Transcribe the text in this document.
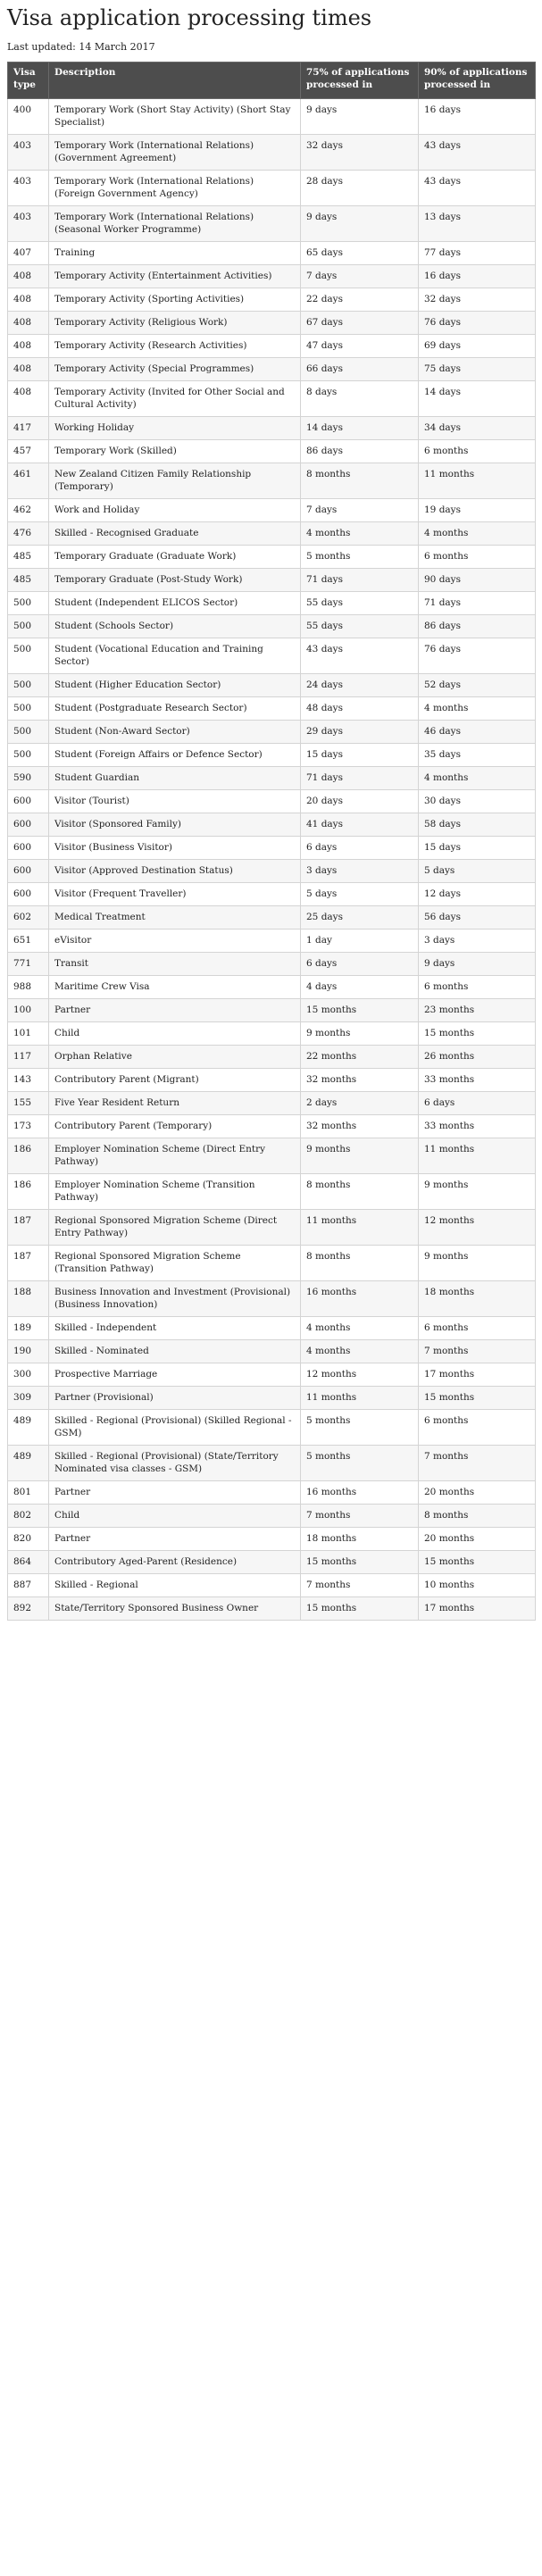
Visa application processing times

Last updated: 14 March 2017

Visa type	Description	75% of applications processed in	90% of applications processed in
400	Temporary Work (Short Stay Activity) (Short Stay Specialist)	9 days	16 days
403	Temporary Work (International Relations) (Government Agreement)	32 days	43 days
403	Temporary Work (International Relations) (Foreign Government Agency)	28 days	43 days
403	Temporary Work (International Relations) (Seasonal Worker Programme)	9 days	13 days
407	Training	65 days	77 days
408	Temporary Activity (Entertainment Activities)	7 days	16 days
408	Temporary Activity (Sporting Activities)	22 days	32 days
408	Temporary Activity (Religious Work)	67 days	76 days
408	Temporary Activity (Research Activities)	47 days	69 days
408	Temporary Activity (Special Programmes)	66 days	75 days
408	Temporary Activity (Invited for Other Social and Cultural Activity)	8 days	14 days
417	Working Holiday	14 days	34 days
457	Temporary Work (Skilled)	86 days	6 months
461	New Zealand Citizen Family Relationship (Temporary)	8 months	11 months
462	Work and Holiday	7 days	19 days
476	Skilled - Recognised Graduate	4 months	4 months
485	Temporary Graduate (Graduate Work)	5 months	6 months
485	Temporary Graduate (Post-Study Work)	71 days	90 days
500	Student (Independent ELICOS Sector)	55 days	71 days
500	Student (Schools Sector)	55 days	86 days
500	Student (Vocational Education and Training Sector)	43 days	76 days
500	Student (Higher Education Sector)	24 days	52 days
500	Student (Postgraduate Research Sector)	48 days	4 months
500	Student (Non-Award Sector)	29 days	46 days
500	Student (Foreign Affairs or Defence Sector)	15 days	35 days
590	Student Guardian	71 days	4 months
600	Visitor (Tourist)	20 days	30 days
600	Visitor (Sponsored Family)	41 days	58 days
600	Visitor (Business Visitor)	6 days	15 days
600	Visitor (Approved Destination Status)	3 days	5 days
600	Visitor (Frequent Traveller)	5 days	12 days
602	Medical Treatment	25 days	56 days
651	eVisitor	1 day	3 days
771	Transit	6 days	9 days
988	Maritime Crew Visa	4 days	6 months
100	Partner	15 months	23 months
101	Child	9 months	15 months
117	Orphan Relative	22 months	26 months
143	Contributory Parent (Migrant)	32 months	33 months
155	Five Year Resident Return	2 days	6 days
173	Contributory Parent (Temporary)	32 months	33 months
186	Employer Nomination Scheme (Direct Entry Pathway)	9 months	11 months
186	Employer Nomination Scheme (Transition Pathway)	8 months	9 months
187	Regional Sponsored Migration Scheme (Direct Entry Pathway)	11 months	12 months
187	Regional Sponsored Migration Scheme (Transition Pathway)	8 months	9 months
188	Business Innovation and Investment (Provisional) (Business Innovation)	16 months	18 months
189	Skilled - Independent	4 months	6 months
190	Skilled - Nominated	4 months	7 months
300	Prospective Marriage	12 months	17 months
309	Partner (Provisional)	11 months	15 months
489	Skilled - Regional (Provisional) (Skilled Regional - GSM)	5 months	6 months
489	Skilled - Regional (Provisional) (State/Territory Nominated visa classes - GSM)	5 months	7 months
801	Partner	16 months	20 months
802	Child	7 months	8 months
820	Partner	18 months	20 months
864	Contributory Aged-Parent (Residence)	15 months	15 months
887	Skilled - Regional	7 months	10 months
892	State/Territory Sponsored Business Owner	15 months	17 months
